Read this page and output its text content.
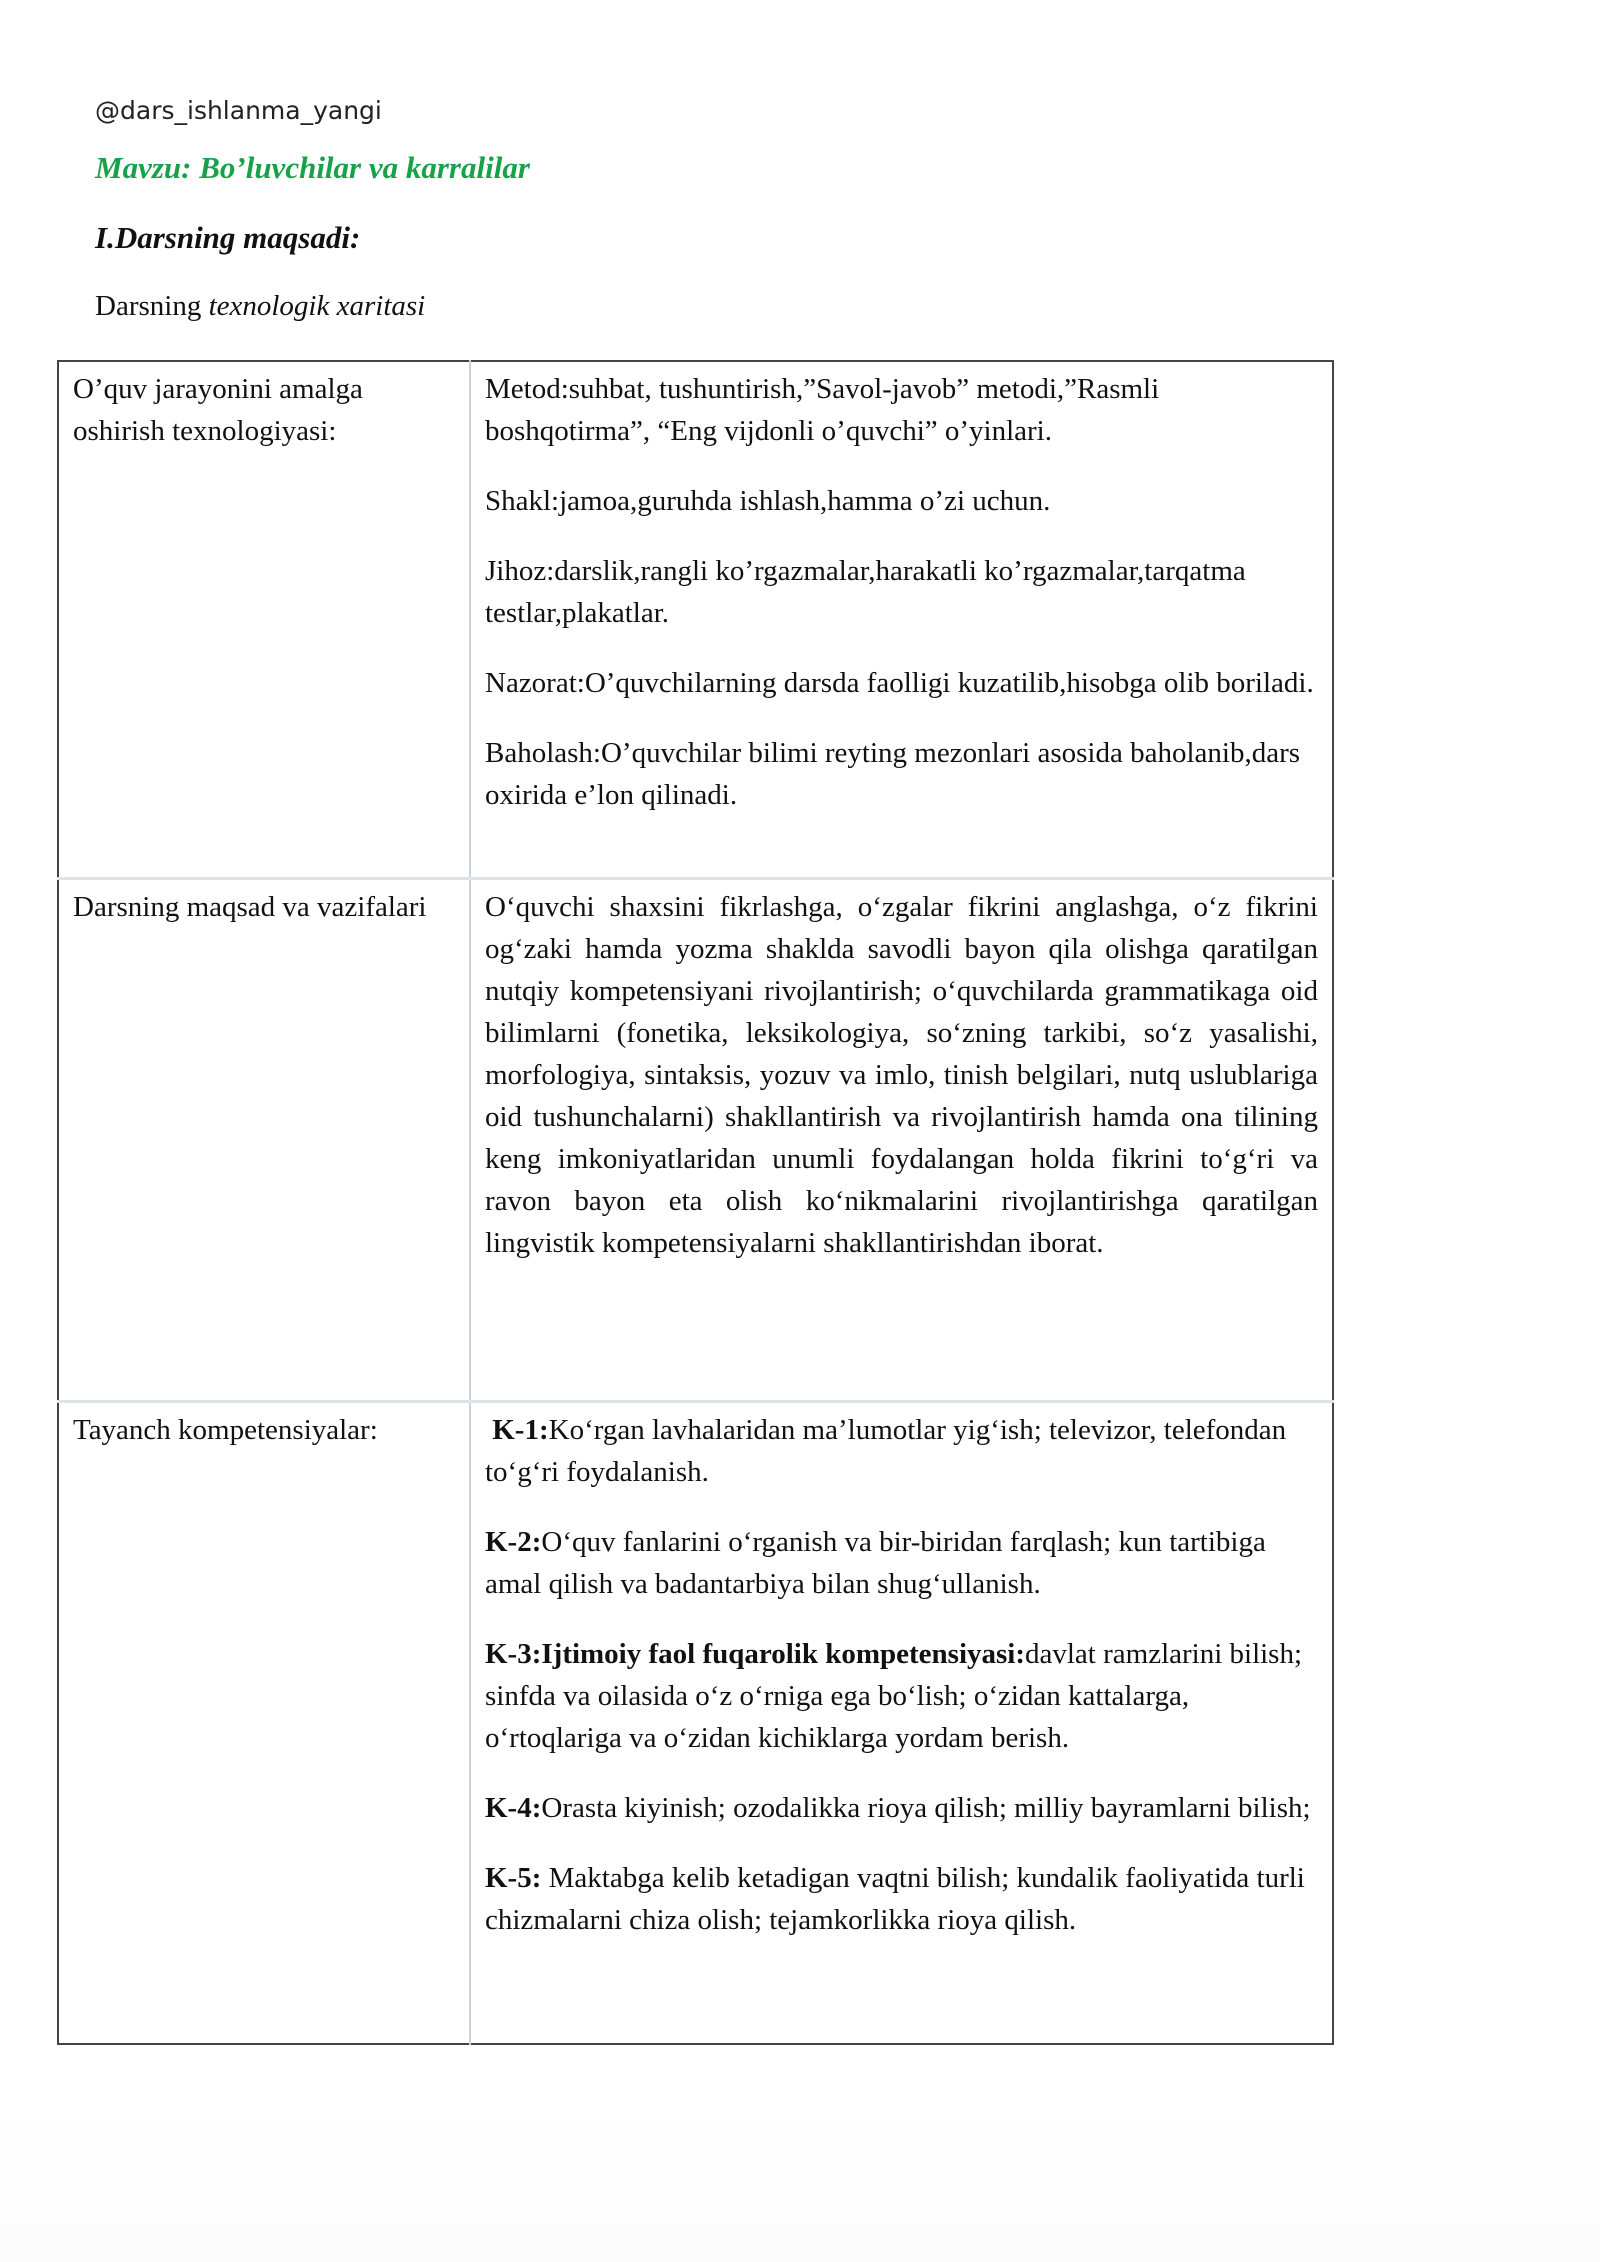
@dars_ishlanma_yangi
Mavzu: Bo’luvchilar va karralilar
I.Darsning maqsadi:
Darsning texnologik xaritasi
O’quv jarayonini amalga oshirish texnologiyasi:	Metod:suhbat, tushuntirish,”Savol-javob” metodi,”Rasmli boshqotirma”, “Eng vijdonli o’quvchi” o’yinlari.

Shakl:jamoa,guruhda ishlash,hamma o’zi uchun.

Jihoz:darslik,rangli ko’rgazmalar,harakatli ko’rgazmalar,tarqatma testlar,plakatlar.

Nazorat:O’quvchilarning darsda faolligi kuzatilib,hisobga olib boriladi.

Baholash:O’quvchilar bilimi reyting mezonlari asosida baholanib,dars oxirida e’lon qilinadi.

Darsning maqsad va vazifalari	O‘quvchi shaxsini fikrlashga, o‘zgalar fikrini anglashga, o‘z fikrini og‘zaki hamda yozma shaklda savodli bayon qila olishga qaratilgan nutqiy kompetensiyani rivojlantirish; o‘quvchilarda grammatikaga oid bilimlarni (fonetika, leksikologiya, so‘zning tarkibi, so‘z yasalishi, morfologiya, sintaksis, yozuv va imlo, tinish belgilari, nutq uslublariga oid tushunchalarni) shakllantirish va rivojlantirish hamda ona tilining keng imkoniyatlaridan unumli foydalangan holda fikrini to‘g‘ri va ravon bayon eta olish ko‘nikmalarini rivojlantirishga qaratilgan lingvistik kompetensiyalarni shakllantirishdan iborat.

Tayanch kompetensiyalar:	K-1:Ko‘rgan lavhalaridan ma’lumotlar yig‘ish; televizor, telefondan to‘g‘ri foydalanish.

K-2:O‘quv fanlarini o‘rganish va bir-biridan farqlash; kun tartibiga amal qilish va badantarbiya bilan shug‘ullanish.

K-3:Ijtimoiy faol fuqarolik kompetensiyasi:davlat ramzlarini bilish; sinfda va oilasida o‘z o‘rniga ega bo‘lish; o‘zidan kattalarga, o‘rtoqlariga va o‘zidan kichiklarga yordam berish.

K-4:Orasta kiyinish; ozodalikka rioya qilish; milliy bayramlarni bilish;

K-5: Maktabga kelib ketadigan vaqtni bilish; kundalik faoliyatida turli chizmalarni chiza olish; tejamkorlikka rioya qilish.
